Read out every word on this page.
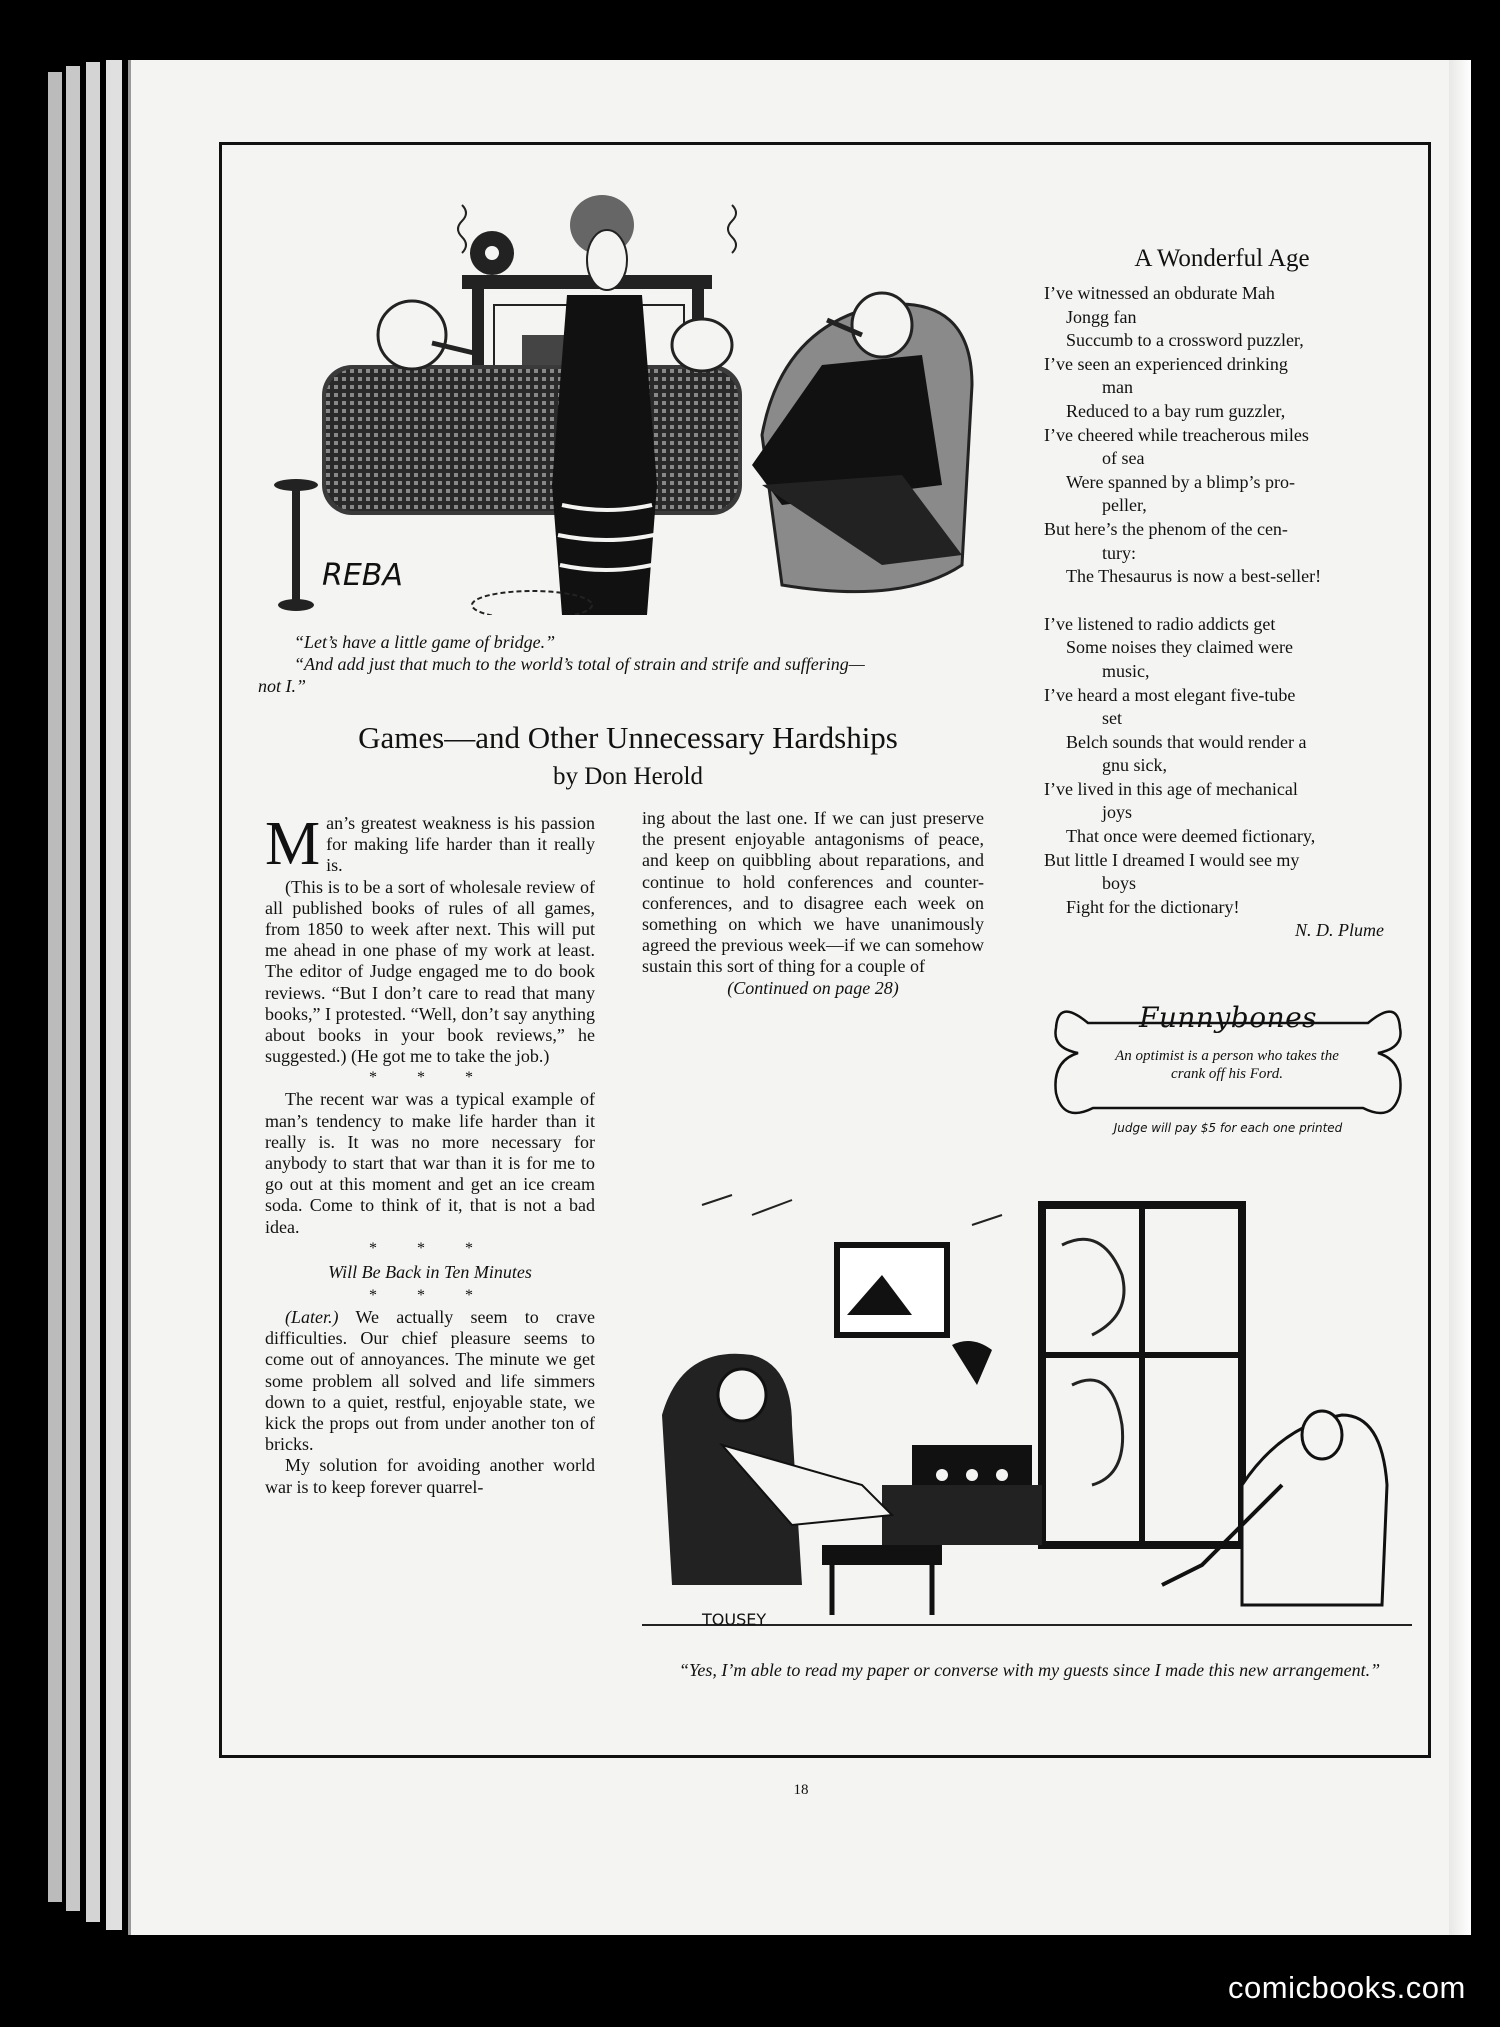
REBA
“Let’s have a little game of bridge.”
“And add just that much to the world’s total of strain and strife and suffering—
not I.”
Games—and Other Unnecessary Hardships
by Don Herold

Man’s greatest weakness is his passion for making life harder than it really is.

(This is to be a sort of wholesale review of all published books of rules of all games, from 1850 to week after next. This will put me ahead in one phase of my work at least. The editor of Judge engaged me to do book reviews. “But I don’t care to read that many books,” I protested. “Well, don’t say anything about books in your book reviews,” he suggested.) (He got me to take the job.)

* * *

The recent war was a typical example of man’s tendency to make life harder than it really is. It was no more necessary for anybody to start that war than it is for me to go out at this moment and get an ice cream soda. Come to think of it, that is not a bad idea.

* * *

Will Be Back in Ten Minutes

* * *

(Later.) We actually seem to crave difficulties. Our chief pleasure seems to come out of annoyances. The minute we get some problem all solved and life simmers down to a quiet, restful, enjoyable state, we kick the props out from under another ton of bricks.

My solution for avoiding another world war is to keep forever quarrel-

ing about the last one. If we can just preserve the present enjoyable antagonisms of peace, and keep on quibbling about reparations, and continue to hold conferences and counter-conferences, and to disagree each week on something on which we have unanimously agreed the previous week—if we can somehow sustain this sort of thing for a couple of

(Continued on page 28)

A Wonderful Age
I’ve witnessed an obdurate Mah
Jongg fan
Succumb to a crossword puzzler,
I’ve seen an experienced drinking
man
Reduced to a bay rum guzzler,
I’ve cheered while treacherous miles
of sea
Were spanned by a blimp’s pro-
peller,
But here’s the phenom of the cen-
tury:
The Thesaurus is now a best-seller!
I’ve listened to radio addicts get
Some noises they claimed were
music,
I’ve heard a most elegant five-tube
set
Belch sounds that would render a
gnu sick,
I’ve lived in this age of mechanical
joys
That once were deemed fictionary,
But little I dreamed I would see my
boys
Fight for the dictionary!
N. D. Plume
Funnybones
An optimist is a person who takes the crank off his Ford.
Judge will pay $5 for each one printed
TOUSEY
“Yes, I’m able to read my paper or converse with my guests since I made this new arrangement.”
18
comicbooks.com
